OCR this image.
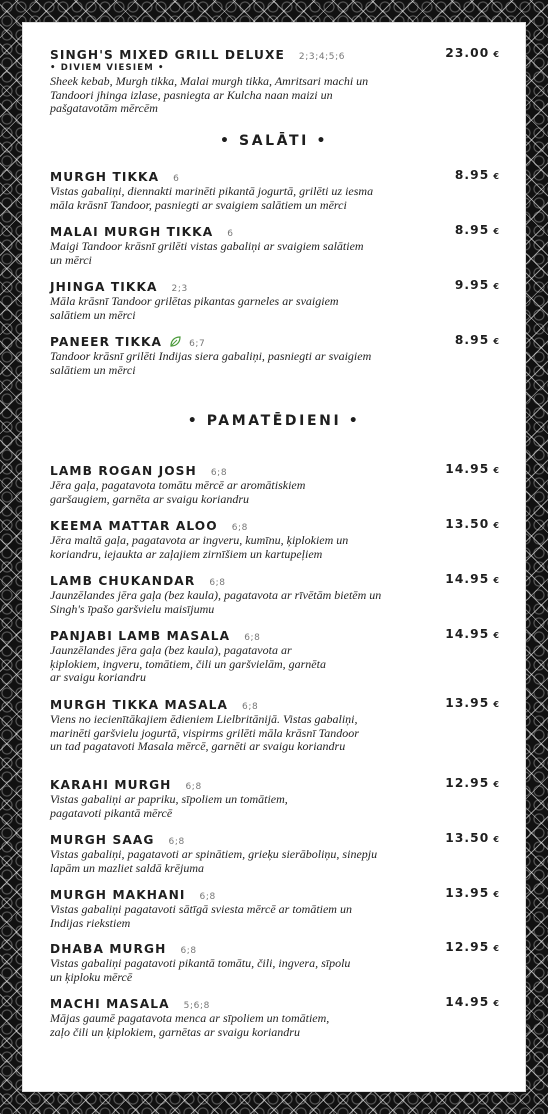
SINGH'S MIXED GRILL DELUXE 2;3;4;5;6	23.00 €
• DIVIEM VIESIEM •
Sheek kebab, Murgh tikka, Malai murgh tikka, Amritsari machi un Tandoori jhinga izlase, pasniegta ar Kulcha naan maizi un pašgatavotām mērcēm
• SALĀTI •
MURGH TIKKA 6	8.95 €
Vistas gabaliņi, diennakti marinēti pikantā jogurtā, grilēti uz iesma māla krāsnī Tandoor, pasniegti ar svaigiem salātiem un mērci
MALAI MURGH TIKKA 6	8.95 €
Maigi Tandoor krāsnī grilēti vistas gabaliņi ar svaigiem salātiem un mērci
JHINGA TIKKA 2;3	9.95 €
Māla krāsnī Tandoor grilētas pikantas garneles ar svaigiem salātiem un mērci
PANEER TIKKA	6;7	8.95 €
Tandoor krāsnī grilēti Indijas siera gabaliņi, pasniegti ar svaigiem salātiem un mērci
• PAMATĒDIENI •
LAMB ROGAN JOSH 6;8	14.95 €
Jēra gaļa, pagatavota tomātu mērcē ar aromātiskiem garšaugiem, garnēta ar svaigu koriandru
KEEMA MATTAR ALOO 6;8	13.50 €
Jēra maltā gaļa, pagatavota ar ingveru, kumīnu, ķiplokiem un koriandru, iejaukta ar zaļajiem zirnīšiem un kartupeļiem
LAMB CHUKANDAR 6;8	14.95 €
Jaunzēlandes jēra gaļa (bez kaula), pagatavota ar rīvētām bietēm un Singh's īpašo garšvielu maisījumu
PANJABI LAMB MASALA 6;8	14.95 €
Jaunzēlandes jēra gaļa (bez kaula), pagatavota ar ķiplokiem, ingveru, tomātiem, čili un garšvielām, garnēta ar svaigu koriandru
MURGH TIKKA MASALA 6;8	13.95 €
Viens no iecienītākajiem ēdieniem Lielbritānijā. Vistas gabaliņi, marinēti garšvielu jogurtā, vispirms grilēti māla krāsnī Tandoor un tad pagatavoti Masala mērcē, garnēti ar svaigu koriandru
KARAHI MURGH 6;8	12.95 €
Vistas gabaliņi ar papriku, sīpoliem un tomātiem, pagatavoti pikantā mērcē
MURGH SAAG 6;8	13.50 €
Vistas gabaliņi, pagatavoti ar spinātiem, grieķu sierāboliņu, sinepju lapām un mazliet saldā krējuma
MURGH MAKHANI 6;8	13.95 €
Vistas gabaliņi pagatavoti sātīgā sviesta mērcē ar tomātiem un Indijas riekstiem
DHABA MURGH 6;8	12.95 €
Vistas gabaliņi pagatavoti pikantā tomātu, čili, ingvera, sīpolu un ķiploku mērcē
MACHI MASALA 5;6;8	14.95 €
Mājas gaumē pagatavota menca ar sīpoliem un tomātiem, zaļo čili un ķiplokiem, garnētas ar svaigu koriandru
